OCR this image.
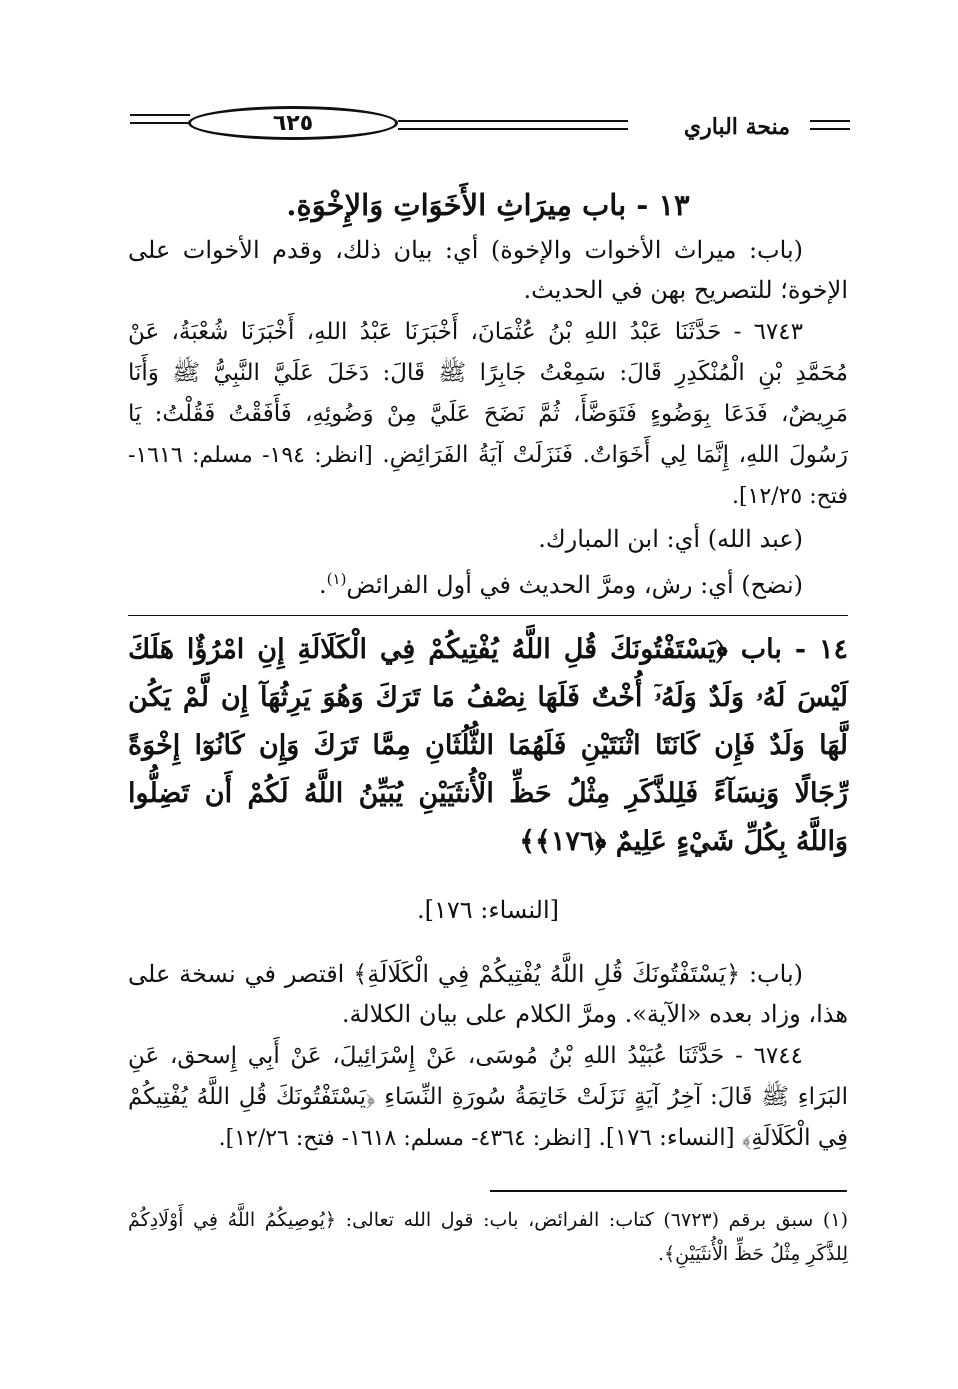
٦٢٥	منحة الباري
١٣ - باب مِيرَاثِ الأَخَوَاتِ وَالإِخْوَةِ.

(باب: ميراث الأخوات والإخوة) أي: بيان ذلك، وقدم الأخوات على الإخوة؛ للتصريح بهن في الحديث.

٦٧٤٣ - حَدَّثَنَا عَبْدُ اللهِ بْنُ عُثْمَانَ، أَخْبَرَنَا عَبْدُ اللهِ، أَخْبَرَنَا شُعْبَةُ، عَنْ مُحَمَّدِ بْنِ الْمُنْكَدِرِ قَالَ: سَمِعْتُ جَابِرًا ﷺ قَالَ: دَخَلَ عَلَيَّ النَّبِيُّ ﷺ وَأَنَا مَرِيضٌ، فَدَعَا بِوَضُوءٍ فَتَوَضَّأَ، ثُمَّ نَضَحَ عَلَيَّ مِنْ وَضُوئِهِ، فَأَفَقْتُ فَقُلْتُ: يَا رَسُولَ اللهِ، إِنَّمَا لِي أَخَوَاتٌ. فَنَزَلَتْ آيَةُ الفَرَائِضِ. [انظر: ١٩٤- مسلم: ١٦١٦- فتح: ١٢/٢٥].

(عبد الله) أي: ابن المبارك.

(نضح) أي: رش، ومرَّ الحديث في أول الفرائض$^{(١)}$.

١٤ - باب ﴿يَسْتَفْتُونَكَ قُلِ اللَّهُ يُفْتِيكُمْ فِي الْكَلَالَةِ إِنِ امْرُؤٌا هَلَكَ لَيْسَ لَهُۥ وَلَدٌ وَلَهُۥٓ أُخْتٌ فَلَهَا نِصْفُ مَا تَرَكَ وَهُوَ يَرِثُهَآ إِن لَّمْ يَكُن لَّهَا وَلَدٌ فَإِن كَانَتَا اثْنَتَيْنِ فَلَهُمَا الثُّلُثَانِ مِمَّا تَرَكَ وَإِن كَانُوٓا إِخْوَةً رِّجَالًا وَنِسَآءً فَلِلذَّكَرِ مِثْلُ حَظِّ الْأُنثَيَيْنِ يُبَيِّنُ اللَّهُ لَكُمْ أَن تَضِلُّوا وَاللَّهُ بِكُلِّ شَيْءٍ عَلِيمٌ ﴿١٧٦﴾﴾

[النساء: ١٧٦].

(باب: ﴿يَسْتَفْتُونَكَ قُلِ اللَّهُ يُفْتِيكُمْ فِي الْكَلَالَةِ﴾ اقتصر في نسخة على هذا، وزاد بعده «الآية». ومرَّ الكلام على بيان الكلالة.

٦٧٤٤ - حَدَّثَنَا عُبَيْدُ اللهِ بْنُ مُوسَى، عَنْ إِسْرَائِيلَ، عَنْ أَبِي إِسحق، عَنِ البَرَاءِ ﷺ قَالَ: آخِرُ آيَةٍ نَزَلَتْ خَاتِمَةُ سُورَةِ النِّسَاءِ ﴿يَسْتَفْتُونَكَ قُلِ اللَّهُ يُفْتِيكُمْ فِي الْكَلَالَةِ﴾ [النساء: ١٧٦]. [انظر: ٤٣٦٤- مسلم: ١٦١٨- فتح: ١٢/٢٦].

(١) سبق برقم (٦٧٢٣) كتاب: الفرائض، باب: قول الله تعالى: ﴿يُوصِيكُمُ اللَّهُ فِي أَوْلَادِكُمْ لِلذَّكَرِ مِثْلُ حَظِّ الْأُنثَيَيْنِ﴾.
